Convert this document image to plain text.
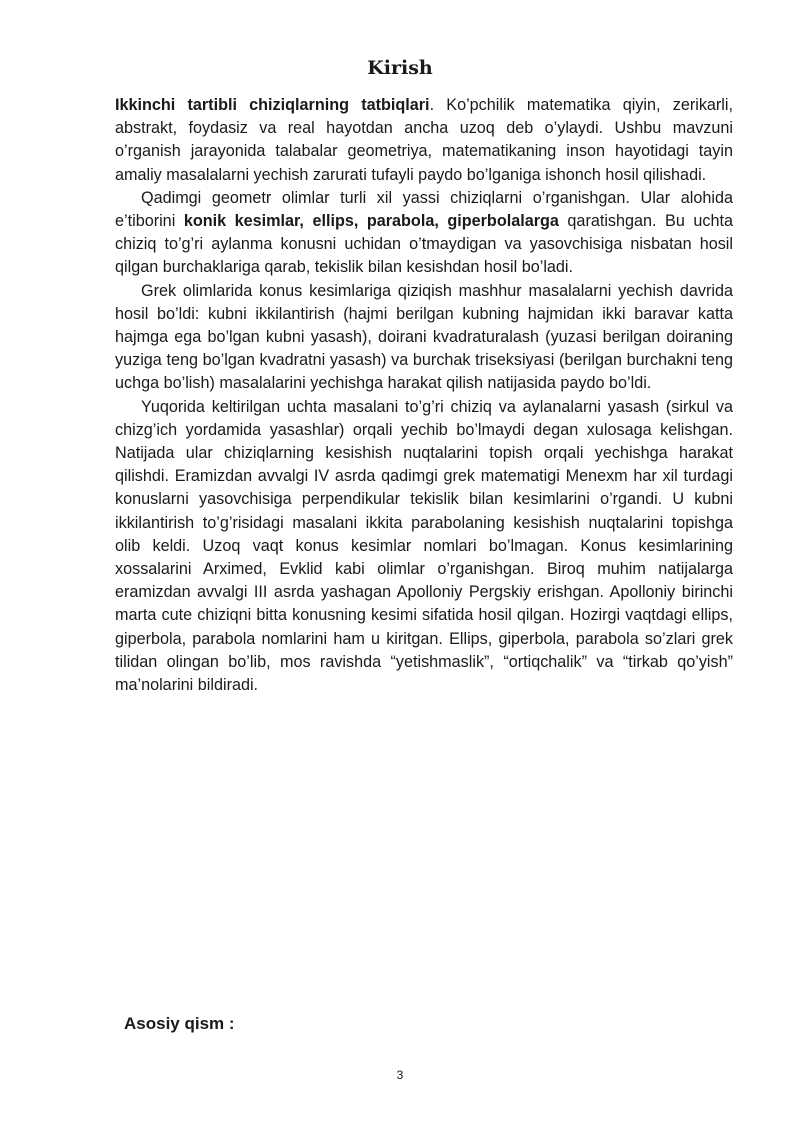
Kirish

Ikkinchi tartibli chiziqlarning tatbiqlari. Ko’pchilik matematika qiyin, zerikarli, abstrakt, foydasiz va real hayotdan ancha uzoq deb o’ylaydi. Ushbu mavzuni o’rganish jarayonida talabalar geometriya, matematikaning inson hayotidagi tayin amaliy masalalarni yechish zarurati tufayli paydo bo’lganiga ishonch hosil qilishadi.

Qadimgi geometr olimlar turli xil yassi chiziqlarni o’rganishgan. Ular alohida e’tiborini konik kesimlar, ellips, parabola, giperbolalarga qaratishgan. Bu uchta chiziq to’g’ri aylanma konusni uchidan o’tmaydigan va yasovchisiga nisbatan hosil qilgan burchaklariga qarab, tekislik bilan kesishdan hosil bo’ladi.

Grek olimlarida konus kesimlariga qiziqish mashhur masalalarni yechish davrida hosil bo’ldi: kubni ikkilantirish (hajmi berilgan kubning hajmidan ikki baravar katta hajmga ega bo’lgan kubni yasash), doirani kvadraturalash (yuzasi berilgan doiraning yuziga teng bo’lgan kvadratni yasash) va burchak triseksiyasi (berilgan burchakni teng uchga bo’lish) masalalarini yechishga harakat qilish natijasida paydo bo’ldi.

Yuqorida keltirilgan uchta masalani to’g’ri chiziq va aylanalarni yasash (sirkul va chizg’ich yordamida yasashlar) orqali yechib bo’lmaydi degan xulosaga kelishgan. Natijada ular chiziqlarning kesishish nuqtalarini topish orqali yechishga harakat qilishdi. Eramizdan avvalgi IV asrda qadimgi grek matematigi Menexm har xil turdagi konuslarni yasovchisiga perpendikular tekislik bilan kesimlarini o’rgandi. U kubni ikkilantirish to’g’risidagi masalani ikkita parabolaning kesishish nuqtalarini topishga olib keldi. Uzoq vaqt konus kesimlar nomlari bo’lmagan. Konus kesimlarining xossalarini Arximed, Evklid kabi olimlar o’rganishgan. Biroq muhim natijalarga eramizdan avvalgi III asrda yashagan Apolloniy Pergskiy erishgan. Apolloniy birinchi marta cute chiziqni bitta konusning kesimi sifatida hosil qilgan. Hozirgi vaqtdagi ellips, giperbola, parabola nomlarini ham u kiritgan. Ellips, giperbola, parabola so’zlari grek tilidan olingan bo’lib, mos ravishda “yetishmaslik”, “ortiqchalik” va “tirkab qo’yish” ma’nolarini bildiradi.

Asosiy qism :
3
